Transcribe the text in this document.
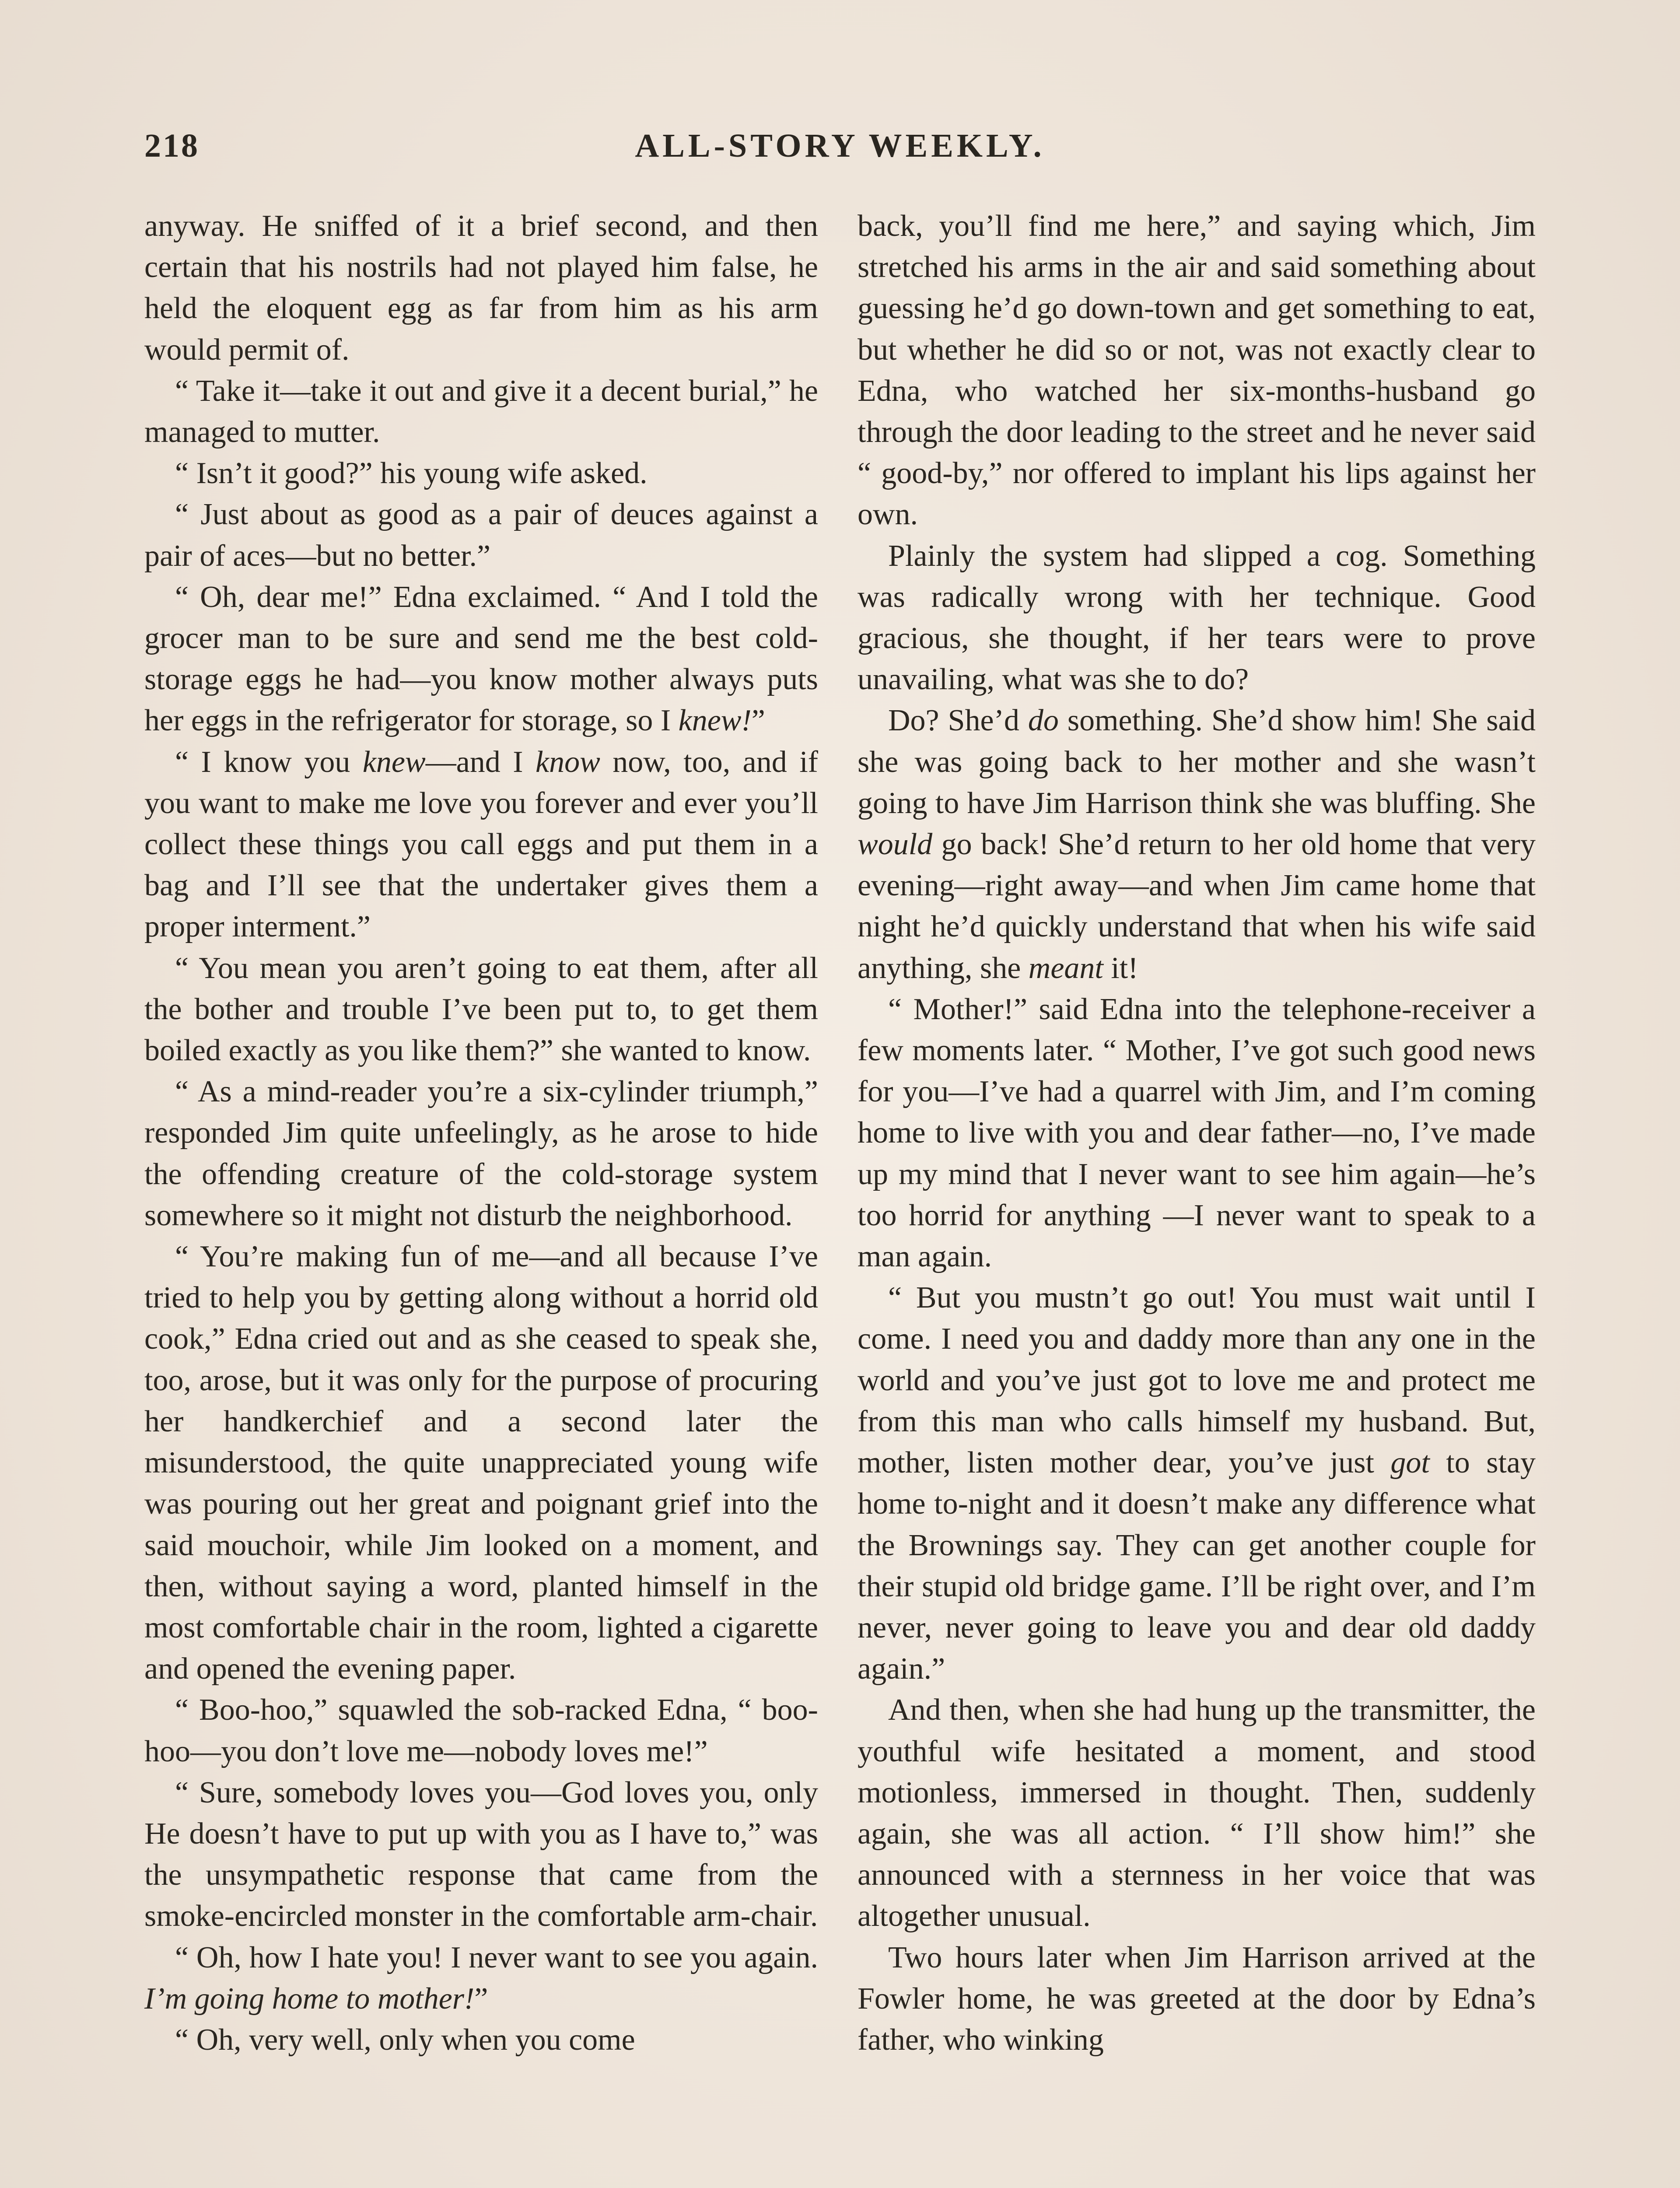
218	ALL-STORY WEEKLY.

anyway. He sniffed of it a brief second, and then certain that his nostrils had not played him false, he held the eloquent egg as far from him as his arm would permit of.

“ Take it—take it out and give it a decent burial,” he managed to mutter.

“ Isn’t it good?” his young wife asked.

“ Just about as good as a pair of deuces against a pair of aces—but no better.”

“ Oh, dear me!” Edna exclaimed. “ And I told the grocer man to be sure and send me the best cold-storage eggs he had—you know mother always puts her eggs in the refrigerator for storage, so I knew!”

“ I know you knew—and I know now, too, and if you want to make me love you forever and ever you’ll collect these things you call eggs and put them in a bag and I’ll see that the undertaker gives them a proper interment.”

“ You mean you aren’t going to eat them, after all the bother and trouble I’ve been put to, to get them boiled exactly as you like them?” she wanted to know.

“ As a mind-reader you’re a six-cylinder triumph,” responded Jim quite unfeelingly, as he arose to hide the offending creature of the cold-storage system somewhere so it might not disturb the neighborhood.

“ You’re making fun of me—and all because I’ve tried to help you by getting along without a horrid old cook,” Edna cried out and as she ceased to speak she, too, arose, but it was only for the purpose of procuring her handkerchief and a second later the misunderstood, the quite unappreciated young wife was pouring out her great and poignant grief into the said mouchoir, while Jim looked on a moment, and then, without saying a word, planted himself in the most comfortable chair in the room, lighted a cigarette and opened the evening paper.

“ Boo-hoo,” squawled the sob-racked Edna, “ boo-hoo—you don’t love me—nobody loves me!”

“ Sure, somebody loves you—God loves you, only He doesn’t have to put up with you as I have to,” was the unsympathetic response that came from the smoke-encircled monster in the comfortable arm-chair.

“ Oh, how I hate you! I never want to see you again. I’m going home to mother!”

“ Oh, very well, only when you come

back, you’ll find me here,” and saying which, Jim stretched his arms in the air and said something about guessing he’d go down-town and get something to eat, but whether he did so or not, was not exactly clear to Edna, who watched her six-months-husband go through the door leading to the street and he never said “ good-by,” nor offered to implant his lips against her own.

Plainly the system had slipped a cog. Something was radically wrong with her technique. Good gracious, she thought, if her tears were to prove unavailing, what was she to do?

Do? She’d do something. She’d show him! She said she was going back to her mother and she wasn’t going to have Jim Harrison think she was bluffing. She would go back! She’d return to her old home that very evening—right away—and when Jim came home that night he’d quickly understand that when his wife said anything, she meant it!

“ Mother!” said Edna into the telephone-receiver a few moments later. “ Mother, I’ve got such good news for you—I’ve had a quarrel with Jim, and I’m coming home to live with you and dear father—no, I’ve made up my mind that I never want to see him again—he’s too horrid for anything —I never want to speak to a man again.

“ But you mustn’t go out! You must wait until I come. I need you and daddy more than any one in the world and you’ve just got to love me and protect me from this man who calls himself my husband. But, mother, listen mother dear, you’ve just got to stay home to-night and it doesn’t make any difference what the Brownings say. They can get another couple for their stupid old bridge game. I’ll be right over, and I’m never, never going to leave you and dear old daddy again.”

And then, when she had hung up the transmitter, the youthful wife hesitated a moment, and stood motionless, immersed in thought. Then, suddenly again, she was all action. “ I’ll show him!” she announced with a sternness in her voice that was altogether unusual.

Two hours later when Jim Harrison arrived at the Fowler home, he was greeted at the door by Edna’s father, who winking
